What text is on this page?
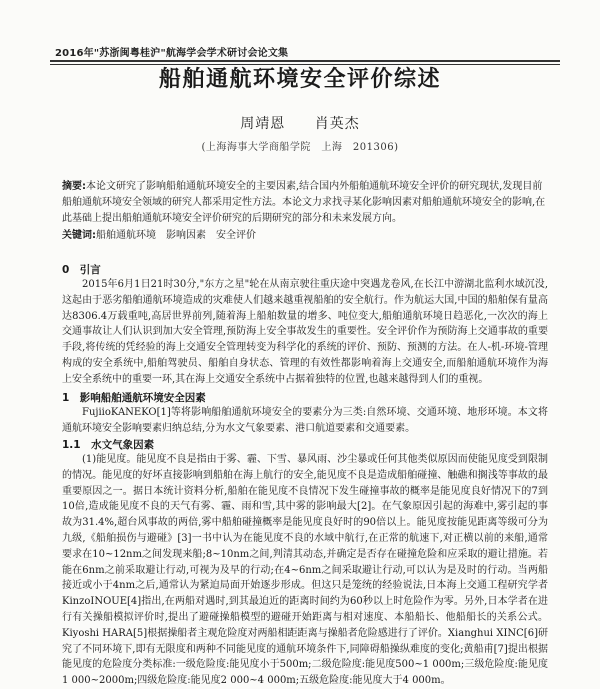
2016年"苏浙闽粤桂沪"航海学会学术研讨会论文集
船舶通航环境安全评价综述
周靖恩 肖英杰
(上海海事大学商船学院　上海　201306)
摘要:本论文研究了影响船舶通航环境安全的主要因素,结合国内外船舶通航环境安全评价的研究现状,发现目前船舶通航环境安全领域的研究人都采用定性方法。本论文力求找寻某化影响因素对船舶通航环境安全的影响,在此基础上提出船舶通航环境安全评价研究的后期研究的部分和未来发展方向。
关键词:船舶通航环境　影响因素　安全评价
0　引言
2015年6月1日21时30分,"东方之星"轮在从南京驶往重庆途中突遇龙卷风,在长江中游湖北监利水域沉没,这起由于恶劣船舶通航环境造成的灾难使人们越来越重视船舶的安全航行。作为航运大国,中国的船舶保有量高达8306.4万载重吨,高居世界前列,随着海上船舶数量的增多、吨位变大,船舶通航环境日趋恶化,一次次的海上交通事故让人们认识到加大安全管理,预防海上安全事故发生的重要性。安全评价作为预防海上交通事故的重要手段,将传统的凭经验的海上交通安全管理转变为科学化的系统的评价、预防、预测的方法。在人-机-环境-管理构成的安全系统中,船舶驾驶员、船舶自身状态、管理的有效性都影响着海上交通安全,而船舶通航环境作为海上安全系统中的重要一环,其在海上交通安全系统中占据着独特的位置,也越来越得到人们的重视。
1　影响船舶通航环境安全因素
FujiioKANEKO[1]等将影响船舶通航环境安全的要素分为三类:自然环境、交通环境、地形环境。本文将通航环境安全影响要素归纳总结,分为水文气象要素、港口航道要素和交通要素。
1.1　水文气象因素
(1)能见度。能见度不良是指由于雾、霾、下雪、暴风雨、沙尘暴或任何其他类似原因而使能见度受到限制的情况。能见度的好坏直接影响到船舶在海上航行的安全,能见度不良是造成船舶碰撞、触礁和搁浅等事故的最重要原因之一。据日本统计资料分析,船舶在能见度不良情况下发生碰撞事故的概率是能见度良好情况下的7到10倍,造成能见度不良的天气有雾、霾、雨和雪,其中雾的影响最大[2]。在气象原因引起的海难中,雾引起的事故为31.4%,超台风事故的两倍,雾中船舶碰撞概率是能见度良好时的90倍以上。能见度按能见距离等级可分为九级,《船舶损伤与避碰》[3]一书中认为在能见度不良的水域中航行,在正常的航速下,对正横以前的来船,通常要求在10~12nm之间发现来船;8~10nm之间,判清其动态,并确定是否存在碰撞危险和应采取的避让措施。若能在6nm之前采取避让行动,可视为及早的行动;在4~6nm之间采取避让行动,可以认为是及时的行动。当两船接近或小于4nm之后,通常认为紧迫局面开始逐步形成。但这只是笼统的经验说法,日本海上交通工程研究学者KinzoINOUE[4]指出,在两船对遇时,到其最迫近的距离时间约为60秒以上时危险作为零。另外,日本学者在进行有关操船模拟评价时,提出了避碰操船模型的避碰开始距离与相对速度、本船船长、他船船长的关系公式。Kiyoshi HARA[5]根据操船者主观危险度对两船相距距离与操船者危险感进行了评价。Xianghui XINC[6]研究了不同环境下,即有无限度和两种不同能见度的通航环境条件下,同障碍船操纵难度的变化;黄船甫[7]提出根据能见度的危险度分类标准:一级危险度:能见度小于500m;二级危险度:能见度500~1 000m;三级危险度:能见度1 000~2000m;四级危险度:能见度2 000~4 000m;五级危险度:能见度大于4 000m。
